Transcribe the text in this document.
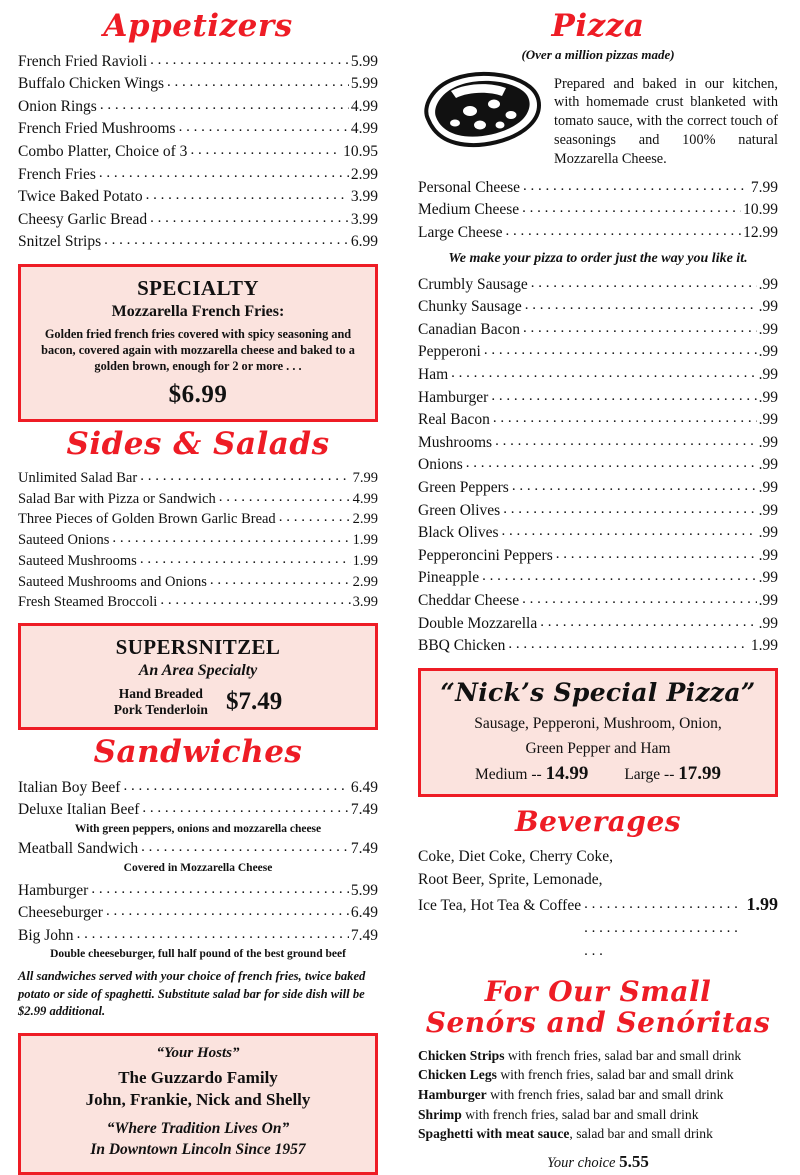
Appetizers
French Fried Ravioli . . .	5.99
Buffalo Chicken Wings . . .	5.99
Onion Rings . . .	4.99
French Fried Mushrooms . . .	4.99
Combo Platter, Choice of 3 . . .	10.95
French Fries . . .	2.99
Twice Baked Potato . . .	3.99
Cheesy Garlic Bread . . .	3.99
Snitzel Strips . . .	6.99
SPECIALTY
Mozzarella French Fries:

Golden fried french fries covered with spicy seasoning and bacon, covered again with mozzarella cheese and baked to a golden brown, enough for 2 or more . . .

$6.99
Sides & Salads
Unlimited Salad Bar . . .	7.99
Salad Bar with Pizza or Sandwich . . .	4.99
Three Pieces of Golden Brown Garlic Bread . . .	2.99
Sauteed Onions . . .	1.99
Sauteed Mushrooms . . .	1.99
Sauteed Mushrooms and Onions . . .	2.99
Fresh Steamed Broccoli . . .	3.99
SUPERSNITZEL
An Area Specialty
Hand Breaded
Pork Tenderloin $7.49
Sandwiches
Italian Boy Beef . . .	6.49
Deluxe Italian Beef . . .	7.49
With green peppers, onions and mozzarella cheese
Meatball Sandwich . . .	7.49
Covered in Mozzarella Cheese
Hamburger . . .	5.99
Cheeseburger . . .	6.49
Big John . . .	7.49
Double cheeseburger, full half pound of the best ground beef
All sandwiches served with your choice of french fries, twice baked potato or side of spaghetti. Substitute salad bar for side dish will be $2.99 additional.
“Your Hosts”
The Guzzardo Family
John, Frankie, Nick and Shelly
“Where Tradition Lives On”
In Downtown Lincoln Since 1957
Pizza
(Over a million pizzas made)
Prepared and baked in our kitchen, with homemade crust blanketed with tomato sauce, with the correct touch of seasonings and 100% natural Mozzarella Cheese.
Personal Cheese . . .	7.99
Medium Cheese . . .	10.99
Large Cheese . . .	12.99
We make your pizza to order just the way you like it.
Crumbly Sausage . . .	.99
Chunky Sausage . . .	.99
Canadian Bacon . . .	.99
Pepperoni . . .	.99
Ham . . .	.99
Hamburger . . .	.99
Real Bacon . . .	.99
Mushrooms . . .	.99
Onions . . .	.99
Green Peppers . . .	.99
Green Olives . . .	.99
Black Olives . . .	.99
Pepperoncini Peppers . . .	.99
Pineapple . . .	.99
Cheddar Cheese . . .	.99
Double Mozzarella . . .	.99
BBQ Chicken . . .	1.99
“Nick’s Special Pizza”
Sausage, Pepperoni, Mushroom, Onion,
Green Pepper and Ham
Medium -- 14.99 Large -- 17.99
Beverages
Coke, Diet Coke, Cherry Coke,
Root Beer, Sprite, Lemonade,
Ice Tea, Hot Tea & Coffee . . .	1.99
For Our Small
Senórs and Senóritas
Chicken Strips with french fries, salad bar and small drink
Chicken Legs with french fries, salad bar and small drink
Hamburger with french fries, salad bar and small drink
Shrimp with french fries, salad bar and small drink
Spaghetti with meat sauce, salad bar and small drink
Your choice 5.55
